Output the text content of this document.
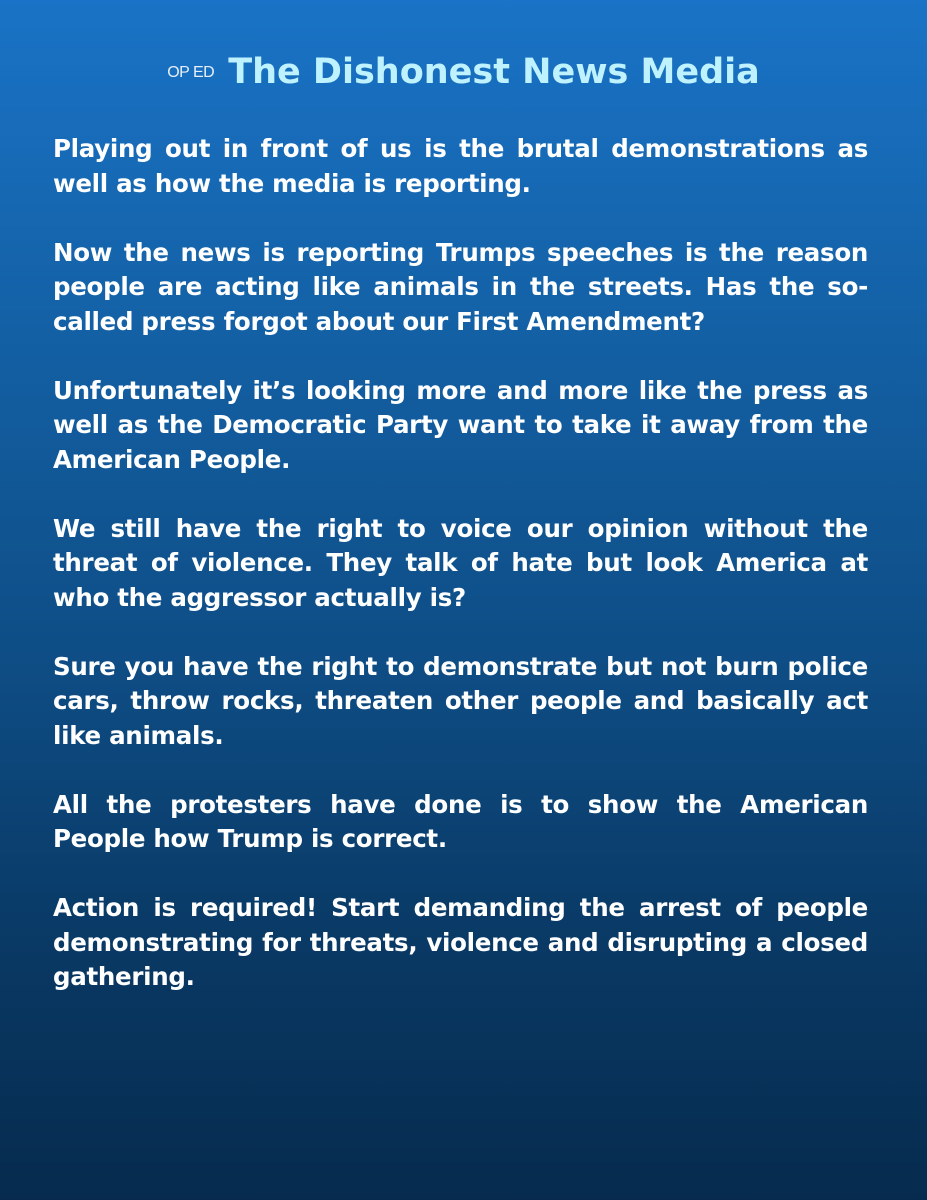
OP ED The Dishonest News Media

Playing out in front of us is the brutal demonstrations as well as how the media is reporting.

Now the news is reporting Trumps speeches is the reason people are acting like animals in the streets. Has the so-called press forgot about our First Amendment?

Unfortunately it’s looking more and more like the press as well as the Democratic Party want to take it away from the American People.

We still have the right to voice our opinion without the threat of violence. They talk of hate but look America at who the aggressor actually is?

Sure you have the right to demonstrate but not burn police cars, throw rocks, threaten other people and basically act like animals.

All the protesters have done is to show the American People how Trump is correct.

Action is required! Start demanding the arrest of people demonstrating for threats, violence and disrupting a closed gathering.
